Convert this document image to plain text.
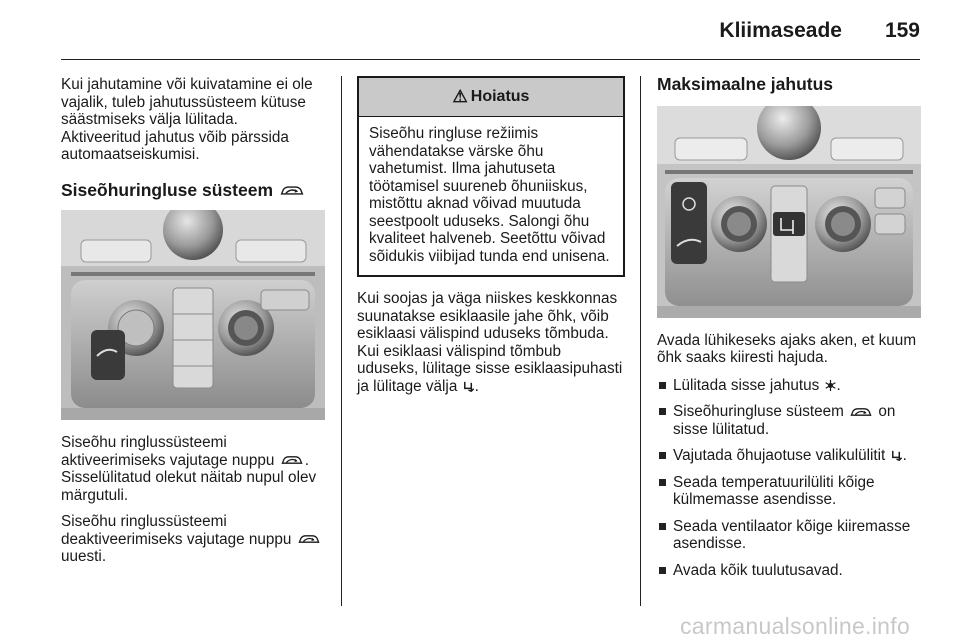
Kliimaseade 159

Kui jahutamine või kuivatamine ei ole vajalik, tuleb jahutussüsteem kütuse säästmiseks välja lülitada.

Aktiveeritud jahutus võib pärssida automaatseiskumisi.

Siseõhuringluse süsteem

Siseõhu ringlussüsteemi aktiveerimiseks vajutage nuppu . Sisselülitatud olekut näitab nupul olev märgutuli.

Siseõhu ringlussüsteemi deaktiveerimiseks vajutage nuppu  uuesti.

⚠ Hoiatus
Siseõhu ringluse režiimis vähendatakse värske õhu vahetumist. Ilma jahutuseta töötamisel suureneb õhuniiskus, mistõttu aknad võivad muutuda seestpoolt uduseks. Salongi õhu kvaliteet halveneb. Seetõttu võivad sõidukis viibijad tunda end unisena.

Kui soojas ja väga niiskes keskkonnas suunatakse esiklaasile jahe õhk, võib esiklaasi välispind uduseks tõmbuda. Kui esiklaasi välispind tõmbub uduseks, lülitage sisse esiklaasipuhasti ja lülitage välja .

Maksimaalne jahutus

Avada lühikeseks ajaks aken, et kuum õhk saaks kiiresti hajuda.

Lülitada sisse jahutus .
Siseõhuringluse süsteem on sisse lülitatud.
Vajutada õhujaotuse valikulülitit .
Seada temperatuurilüliti kõige külmemasse asendisse.
Seada ventilaator kõige kiiremasse asendisse.
Avada kõik tuulutusavad.
carmanualsonline.info
